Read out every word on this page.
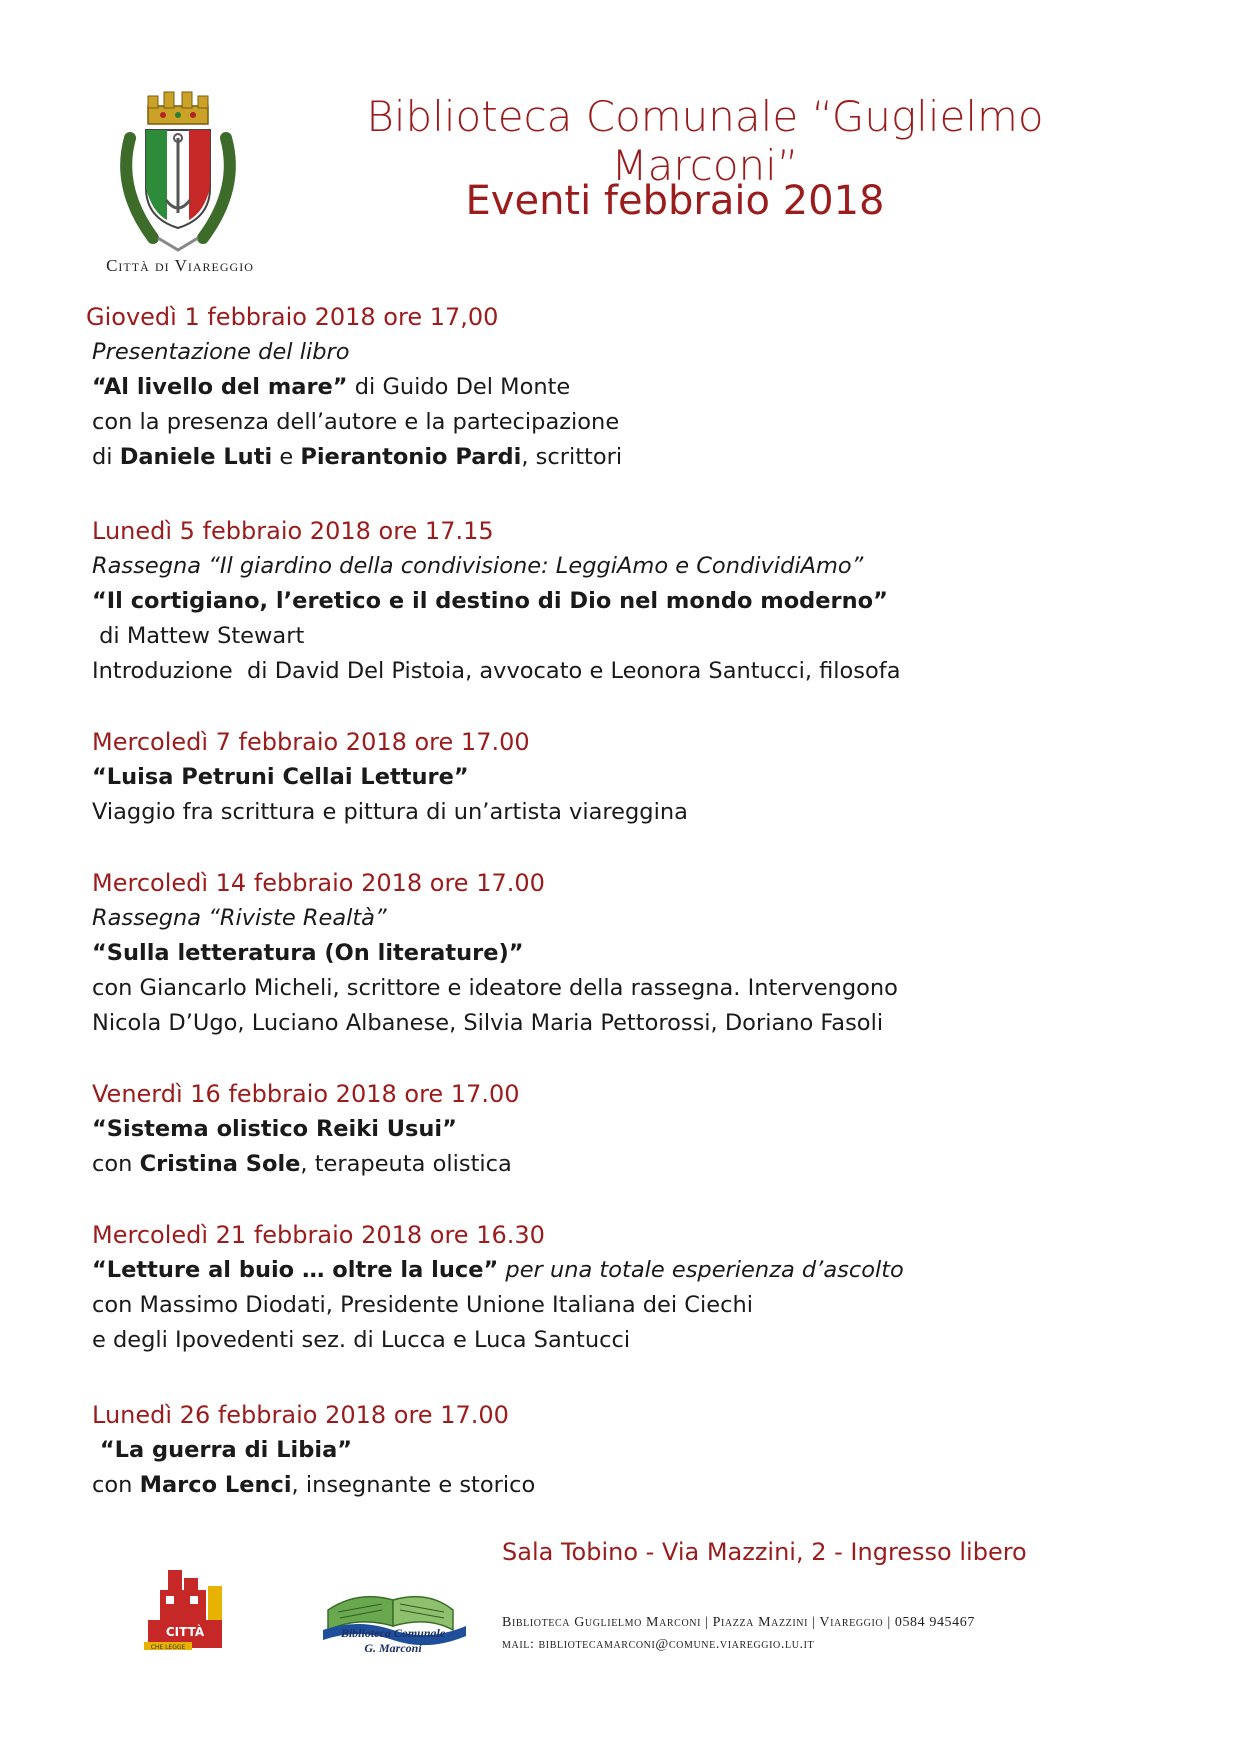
Città di Viareggio
Biblioteca Comunale “Guglielmo Marconi”
Eventi febbraio 2018
Giovedì 1 febbraio 2018 ore 17,00
Presentazione del libro
“Al livello del mare” di Guido Del Monte
con la presenza dell’autore e la partecipazione
di Daniele Luti e Pierantonio Pardi, scrittori
Lunedì 5 febbraio 2018 ore 17.15
Rassegna “Il giardino della condivisione: LeggiAmo e CondividiAmo”
“Il cortigiano, l’eretico e il destino di Dio nel mondo moderno”
di Mattew Stewart
Introduzione  di David Del Pistoia, avvocato e Leonora Santucci, filosofa
Mercoledì 7 febbraio 2018 ore 17.00
“Luisa Petruni Cellai Letture”
Viaggio fra scrittura e pittura di un’artista viareggina
Mercoledì 14 febbraio 2018 ore 17.00
Rassegna “Riviste Realtà”
“Sulla letteratura (On literature)”
con Giancarlo Micheli, scrittore e ideatore della rassegna. Intervengono
Nicola D’Ugo, Luciano Albanese, Silvia Maria Pettorossi, Doriano Fasoli
Venerdì 16 febbraio 2018 ore 17.00
“Sistema olistico Reiki Usui”
con Cristina Sole, terapeuta olistica
Mercoledì 21 febbraio 2018 ore 16.30
“Letture al buio … oltre la luce” per una totale esperienza d’ascolto
con Massimo Diodati, Presidente Unione Italiana dei Ciechi
e degli Ipovedenti sez. di Lucca e Luca Santucci
Lunedì 26 febbraio 2018 ore 17.00
“La guerra di Libia”
con Marco Lenci, insegnante e storico
Sala Tobino - Via Mazzini, 2 - Ingresso libero
Biblioteca Guglielmo Marconi | Piazza Mazzini | Viareggio | 0584 945467
mail: bibliotecamarconi@comune.viareggio.lu.it
CITTÀ
CHE LEGGE
Biblioteca Comunale
G. Marconi
